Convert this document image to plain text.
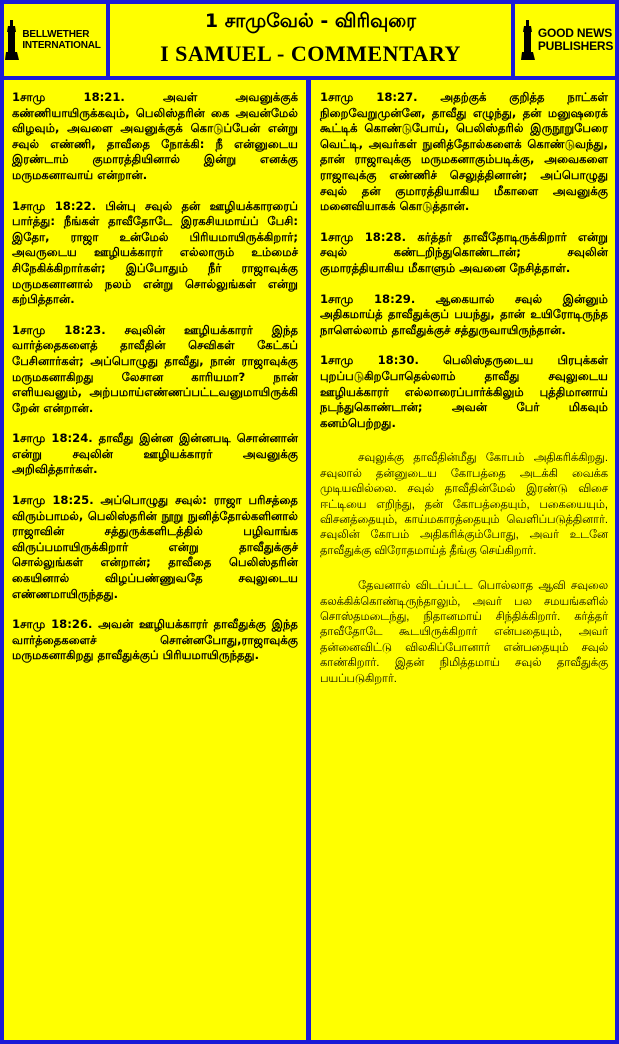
BELLWETHER
INTERNATIONAL
1 சாமுவேல் - விரிவுரை
I SAMUEL - COMMENTARY
GOOD NEWS
PUBLISHERS

1சாமு 18:21. அவள் அவனுக்குக் கண்ணியாயிருக்கவும், பெலிஸ்தரின் கை அவன்மேல் விழவும், அவளை அவனுக்குக் கொடுப்பேன் என்று சவுல் எண்ணி, தாவீதை நோக்கி: நீ என்னுடைய இரண்டாம் குமாரத்தியினால் இன்று எனக்கு மருமகனாவாய் என்றான்.

1சாமு 18:22. பின்பு சவுல் தன் ஊழியக்காரரைப் பார்த்து: நீங்கள் தாவீதோடே இரகசியமாய்ப் பேசி: இதோ, ராஜா உன்மேல் பிரியமாயிருக்கிறார்; அவருடைய ஊழியக்காரர் எல்லாரும் உம்மைச் சிநேகிக்கிறார்கள்; இப்போதும் நீர் ராஜாவுக்கு மருமகனானால் நலம் என்று சொல்லுங்கள் என்று கற்பித்தான்.

1சாமு 18:23. சவுலின் ஊழியக்காரர் இந்த வார்த்தைகளைத் தாவீதின் செவிகள் கேட்கப் பேசினார்கள்; அப்பொழுது தாவீது, நான் ராஜாவுக்கு மருமகனாகிறது லேசான காரியமா? நான் எளியவனும், அற்பமாய்எண்ணப்பட்டவனுமாயிருக்கி றேன் என்றான்.

1சாமு 18:24. தாவீது இன்ன இன்னபடி சொன்னான் என்று சவுலின் ஊழியக்காரர் அவனுக்கு அறிவித்தார்கள்.

1சாமு 18:25. அப்பொழுது சவுல்: ராஜா பரிசத்தை விரும்பாமல், பெலிஸ்தரின் நூறு நுனித்தோல்களினால் ராஜாவின் சத்துருக்களிடத்தில் பழிவாங்க விருப்பமாயிருக்கிறார் என்று தாவீதுக்குச் சொல்லுங்கள் என்றான்; தாவீதை பெலிஸ்தரின் கையினால் விழப்பண்ணுவதே சவுலுடைய எண்ணமாயிருந்தது.

1சாமு 18:26. அவன் ஊழியக்காரர் தாவீதுக்கு இந்த வார்த்தைகளைச் சொன்னபோது,ராஜாவுக்கு மருமகனாகிறது தாவீதுக்குப் பிரியமாயிருந்தது.

1சாமு 18:27. அதற்குக் குறித்த நாட்கள் நிறைவேறுமுன்னே, தாவீது எழுந்து, தன் மனுஷரைக் கூட்டிக் கொண்டுபோய், பெலிஸ்தரில் இருநூறுபேரை வெட்டி, அவர்கள் நுனித்தோல்களைக் கொண்டுவந்து, தான் ராஜாவுக்கு மருமகனாகும்படிக்கு, அவைகளை ராஜாவுக்கு எண்ணிச் செலுத்தினான்; அப்பொழுது சவுல் தன் குமாரத்தியாகிய மீகாளை அவனுக்கு மனைவியாகக் கொடுத்தான்.

1சாமு 18:28. கர்த்தர் தாவீதோடிருக்கிறார் என்று சவுல் கண்டறிந்துகொண்டான்; சவுலின் குமாரத்தியாகிய மீகாளும் அவனை நேசித்தாள்.

1சாமு 18:29. ஆகையால் சவுல் இன்னும் அதிகமாய்த் தாவீதுக்குப் பயந்து, தான் உயிரோடிருந்த நாளெல்லாம் தாவீதுக்குச் சத்துருவாயிருந்தான்.

1சாமு 18:30. பெலிஸ்தருடைய பிரபுக்கள் புறப்படுகிறபோதெல்லாம் தாவீது சவுலுடைய ஊழியக்காரர் எல்லாரைப்பார்க்கிலும் புத்திமானாய் நடந்துகொண்டான்; அவன் பேர் மிகவும் கனம்பெற்றது.

சவுலுக்கு தாவீதின்மீது கோபம் அதிகரிக்கிறது. சவுலால் தன்னுடைய கோபத்தை அடக்கி வைக்க முடியவில்லை. சவுல் தாவீதின்மேல் இரண்டு விசை ஈட்டியை எறிந்து, தன் கோபத்தையும், பகையையும், விசனத்தையும், காய்மகாரத்தையும் வெளிப்படுத்தினார். சவுலின் கோபம் அதிகரிக்கும்போது, அவர் உடனே தாவீதுக்கு விரோதமாய்த் தீங்கு செய்கிறார்.

தேவனால் விடப்பட்ட பொல்லாத ஆவி சவுலை கலக்கிக்கொண்டிருந்தாலும், அவர் பல சமயங்களில் சொஸ்தமடைந்து, நிதானமாய் சிந்திக்கிறார். கர்த்தர் தாவீதோடே கூடயிருக்கிறார் என்பதையும், அவர் தன்னைவிட்டு விலகிப்போனார் என்பதையும் சவுல் காண்கிறார். இதன் நிமித்தமாய் சவுல் தாவீதுக்கு பயப்படுகிறார்.
